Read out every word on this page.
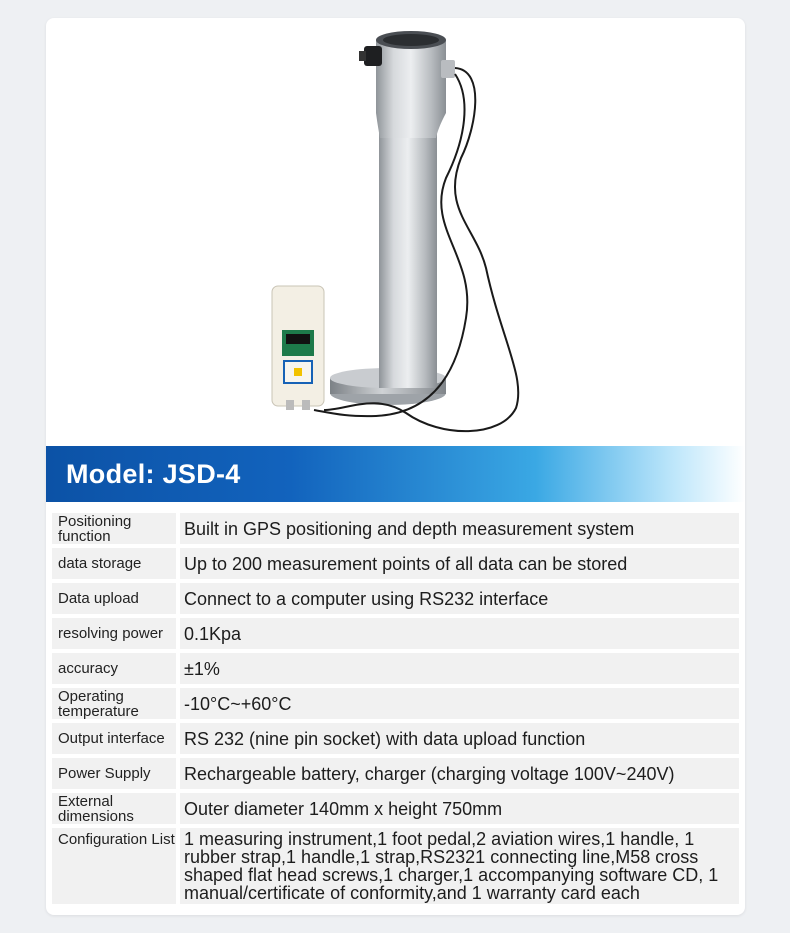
Model: JSD-4
Positioning function		Built in GPS positioning and depth measurement system
data storage		Up to 200 measurement points of all data can be stored
Data upload		Connect to a computer using RS232 interface
resolving power		0.1Kpa
accuracy		±1%
Operating temperature		-10°C~+60°C
Output interface		RS 232 (nine pin socket) with data upload function
Power Supply		Rechargeable battery, charger (charging voltage 100V~240V)
External dimensions		Outer diameter 140mm x height 750mm
Configuration List		1 measuring instrument,1 foot pedal,2 aviation wires,1 handle, 1 rubber strap,1 handle,1 strap,RS2321 connecting line,M58 cross shaped flat head screws,1 charger,1 accompanying software CD, 1 manual/certificate of conformity,and 1 warranty card each
